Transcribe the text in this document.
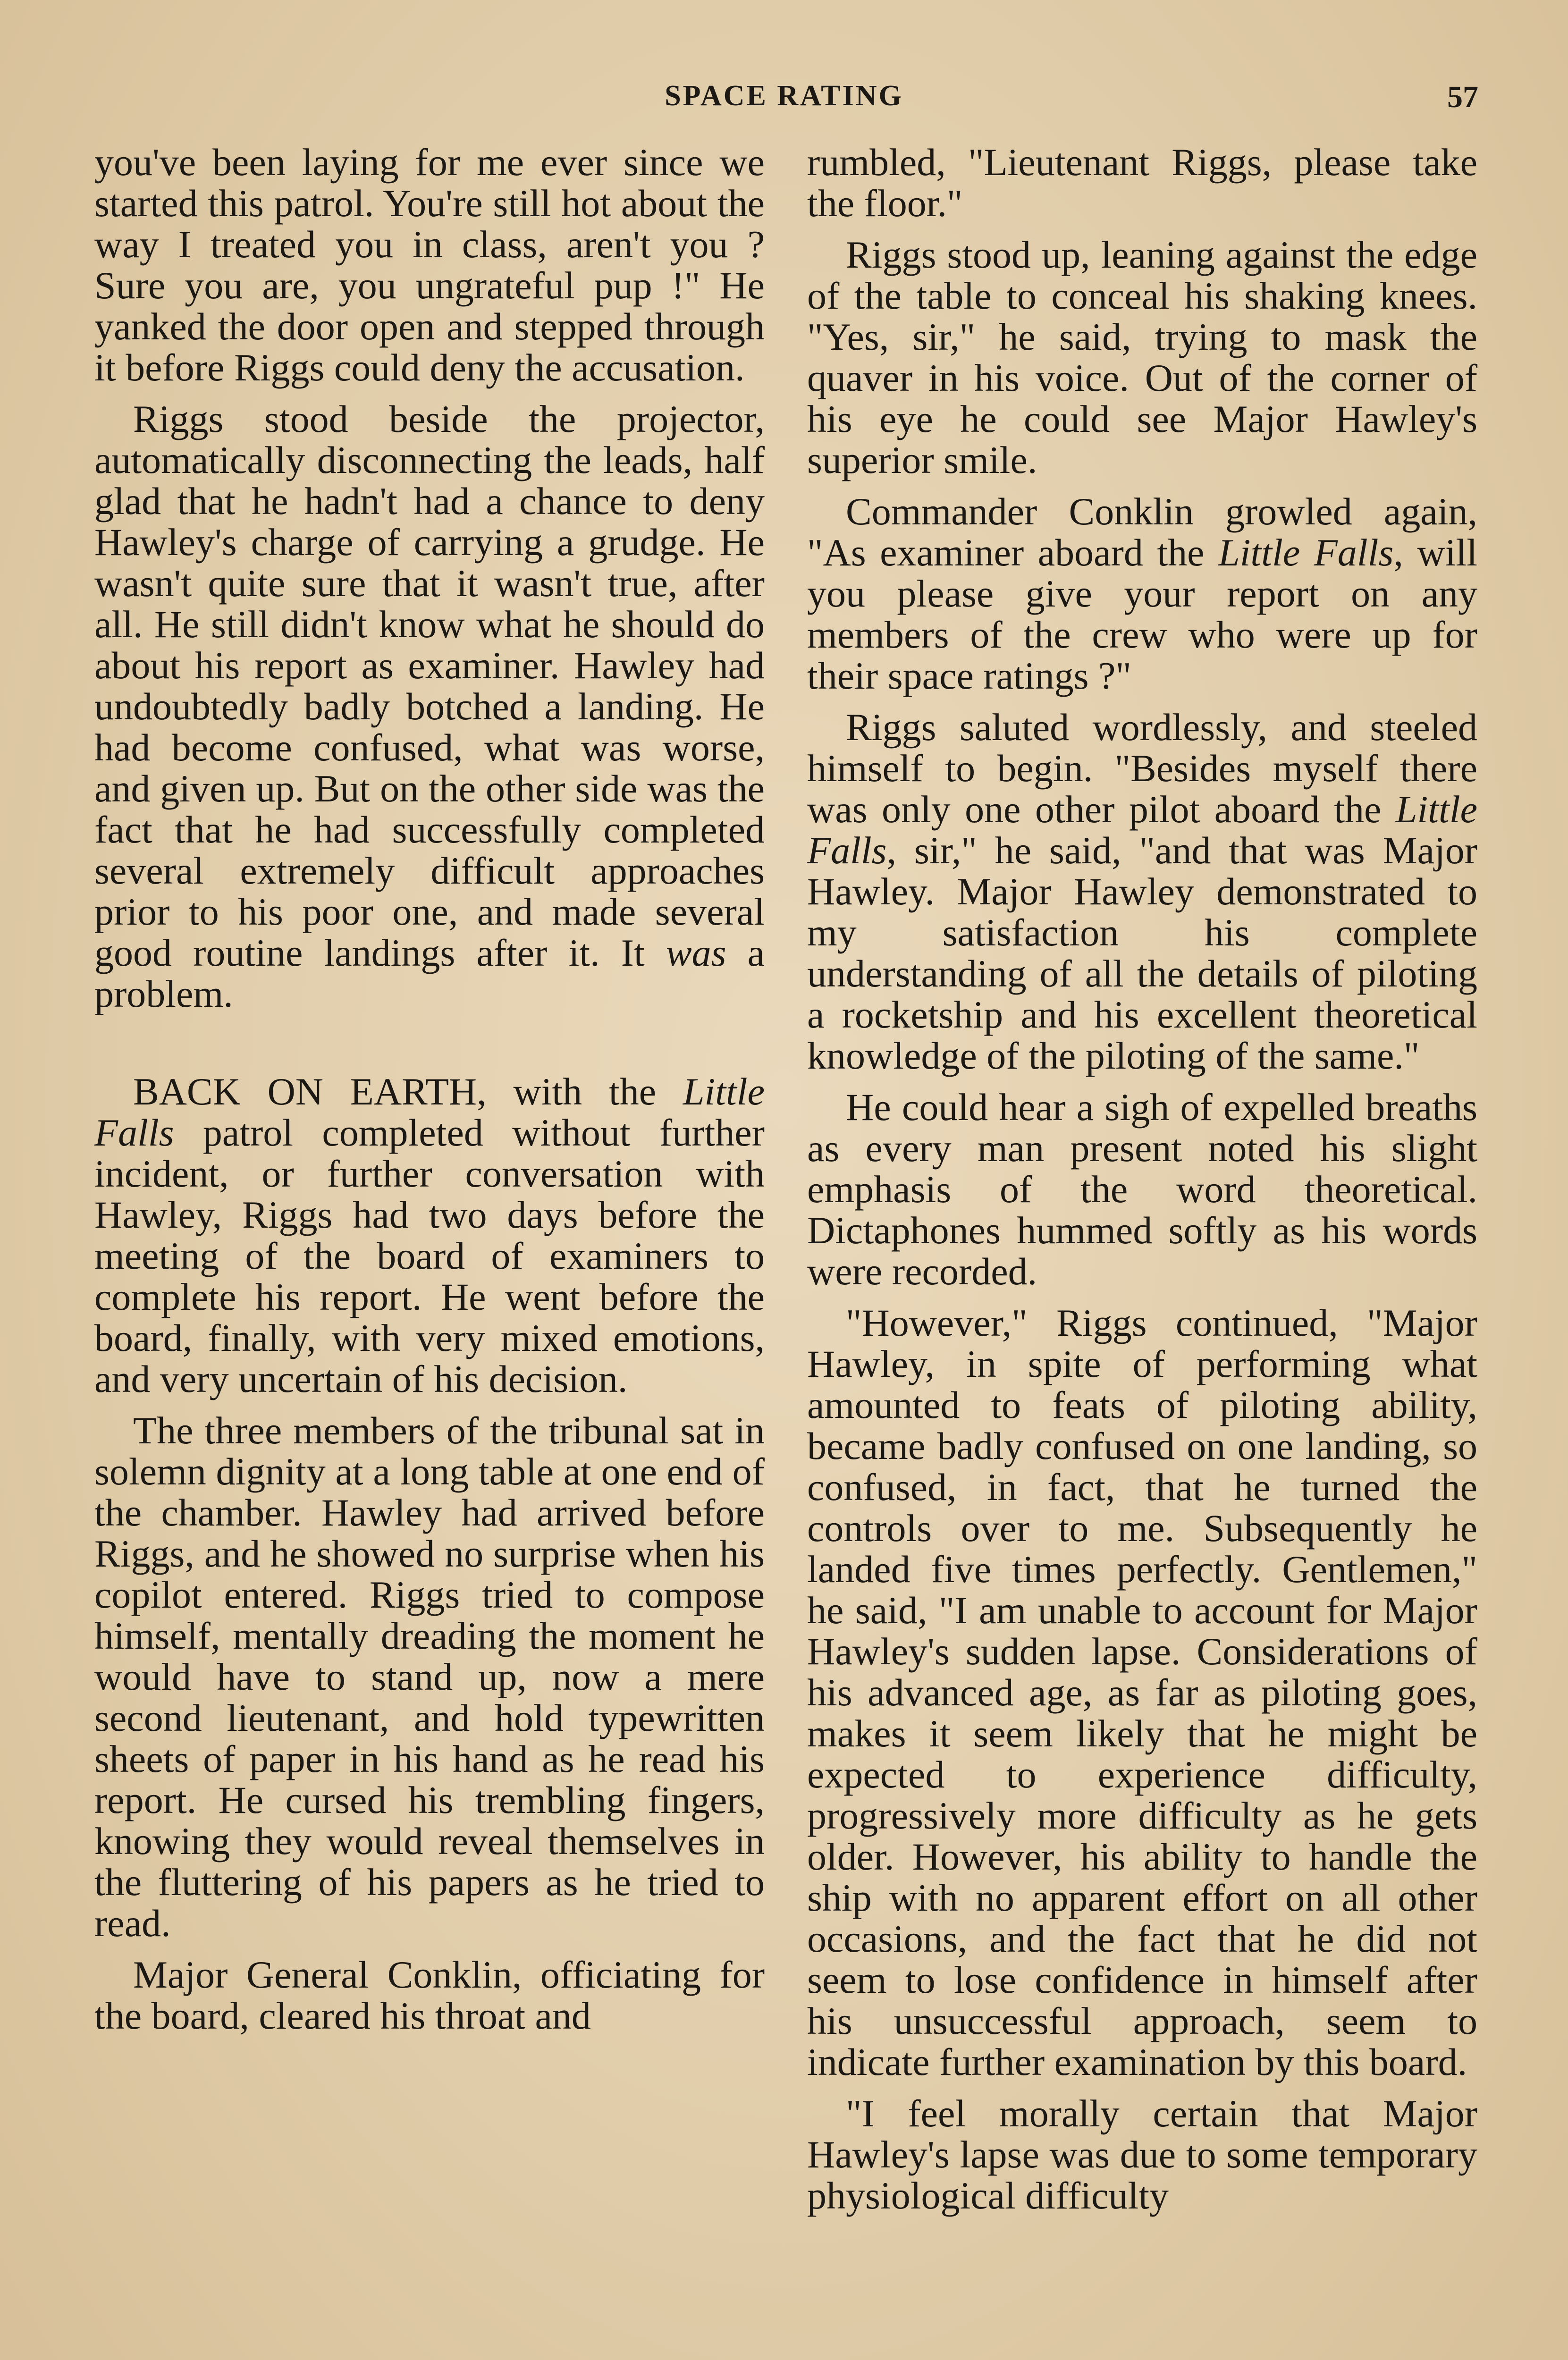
SPACE RATING	57

you've been laying for me ever since we started this patrol. You're still hot about the way I treated you in class, aren't you ? Sure you are, you ungrateful pup !" He yanked the door open and stepped through it before Riggs could deny the accusation.

Riggs stood beside the projector, automatically disconnecting the leads, half glad that he hadn't had a chance to deny Hawley's charge of carrying a grudge. He wasn't quite sure that it wasn't true, after all. He still didn't know what he should do about his report as examiner. Hawley had undoubtedly badly botched a landing. He had become confused, what was worse, and given up. But on the other side was the fact that he had successfully completed several extremely difficult approaches prior to his poor one, and made several good routine landings after it. It was a problem.

BACK ON EARTH, with the Little Falls patrol completed without further incident, or further conversation with Hawley, Riggs had two days before the meeting of the board of examiners to complete his report. He went before the board, finally, with very mixed emotions, and very uncertain of his decision.

The three members of the tribunal sat in solemn dignity at a long table at one end of the chamber. Hawley had arrived before Riggs, and he showed no surprise when his copilot entered. Riggs tried to compose himself, mentally dreading the moment he would have to stand up, now a mere second lieutenant, and hold typewritten sheets of paper in his hand as he read his report. He cursed his trembling fingers, knowing they would reveal themselves in the fluttering of his papers as he tried to read.

Major General Conklin, officiating for the board, cleared his throat and

rumbled, "Lieutenant Riggs, please take the floor."

Riggs stood up, leaning against the edge of the table to conceal his shaking knees. "Yes, sir," he said, trying to mask the quaver in his voice. Out of the corner of his eye he could see Major Hawley's superior smile.

Commander Conklin growled again, "As examiner aboard the Little Falls, will you please give your report on any members of the crew who were up for their space ratings ?"

Riggs saluted wordlessly, and steeled himself to begin. "Besides myself there was only one other pilot aboard the Little Falls, sir," he said, "and that was Major Hawley. Major Hawley demonstrated to my satisfaction his complete understanding of all the details of piloting a rocketship and his excellent theoretical knowledge of the piloting of the same."

He could hear a sigh of expelled breaths as every man present noted his slight emphasis of the word theoretical. Dictaphones hummed softly as his words were recorded.

"However," Riggs continued, "Major Hawley, in spite of performing what amounted to feats of piloting ability, became badly confused on one landing, so confused, in fact, that he turned the controls over to me. Subsequently he landed five times perfectly. Gentlemen," he said, "I am unable to account for Major Hawley's sudden lapse. Considerations of his advanced age, as far as piloting goes, makes it seem likely that he might be expected to experience difficulty, progressively more difficulty as he gets older. However, his ability to handle the ship with no apparent effort on all other occasions, and the fact that he did not seem to lose confidence in himself after his unsuccessful approach, seem to indicate further examination by this board.

"I feel morally certain that Major Hawley's lapse was due to some temporary physiological difficulty
